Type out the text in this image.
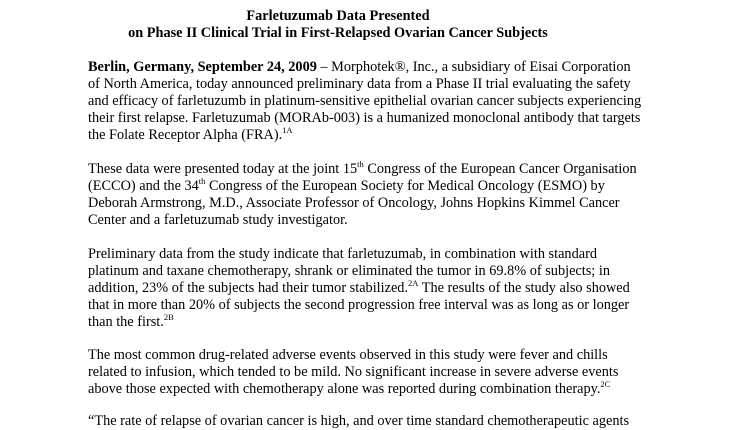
Farletuzumab Data Presented
on Phase II Clinical Trial in First-Relapsed Ovarian Cancer Subjects
Berlin, Germany, September 24, 2009 – Morphotek®, Inc., a subsidiary of Eisai Corporation
of North America, today announced preliminary data from a Phase II trial evaluating the safety
and efficacy of farletuzumb in platinum-sensitive epithelial ovarian cancer subjects experiencing
their first relapse. Farletuzumab (MORAb-003) is a humanized monoclonal antibody that targets
the Folate Receptor Alpha (FRA).$^{1A}$
These data were presented today at the joint 15th Congress of the European Cancer Organisation
(ECCO) and the 34th Congress of the European Society for Medical Oncology (ESMO) by
Deborah Armstrong, M.D., Associate Professor of Oncology, Johns Hopkins Kimmel Cancer
Center and a farletuzumab study investigator.
Preliminary data from the study indicate that farletuzumab, in combination with standard
platinum and taxane chemotherapy, shrank or eliminated the tumor in 69.8% of subjects; in
addition, 23% of the subjects had their tumor stabilized.$^{2A}$ The results of the study also showed
that in more than 20% of subjects the second progression free interval was as long as or longer
than the first.$^{2B}$
The most common drug-related adverse events observed in this study were fever and chills
related to infusion, which tended to be mild. No significant increase in severe adverse events
above those expected with chemotherapy alone was reported during combination therapy.$^{2C}$
“The rate of relapse of ovarian cancer is high, and over time standard chemotherapeutic agents
